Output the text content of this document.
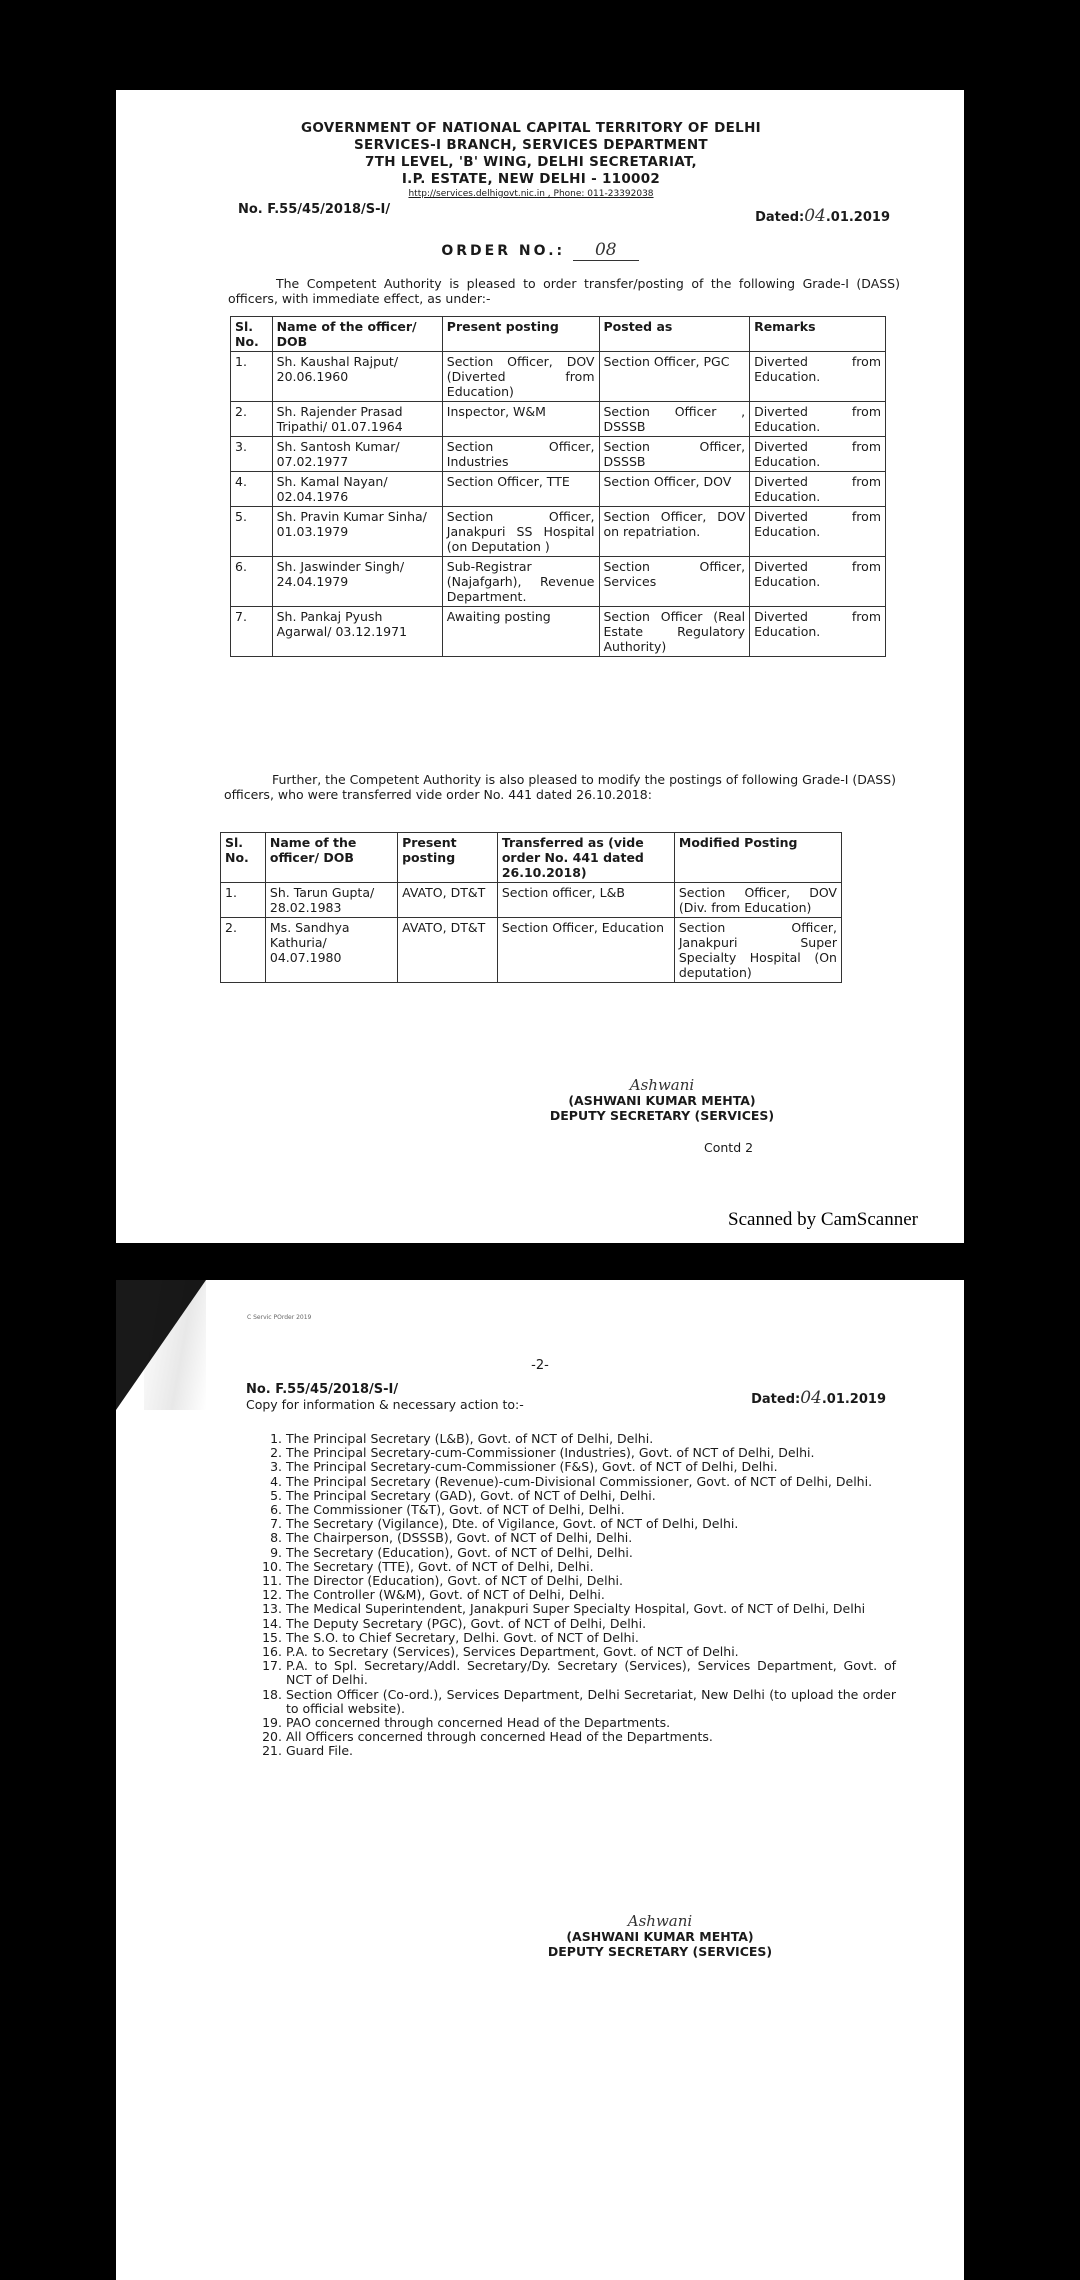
GOVERNMENT OF NATIONAL CAPITAL TERRITORY OF DELHI
SERVICES-I BRANCH, SERVICES DEPARTMENT
7TH LEVEL, 'B' WING, DELHI SECRETARIAT,
I.P. ESTATE, NEW DELHI - 110002
http://services.delhigovt.nic.in , Phone: 011-23392038
No. F.55/45/2018/S-I/
Dated:04.01.2019
ORDER NO.: 08

The Competent Authority is pleased to order transfer/posting of the following Grade-I (DASS) officers, with immediate effect, as under:-

Sl. No.	Name of the officer/ DOB	Present posting	Posted as	Remarks
1.	Sh. Kaushal Rajput/ 20.06.1960	Section Officer, DOV (Diverted from Education)	Section Officer, PGC	Diverted from Education.
2.	Sh. Rajender Prasad Tripathi/ 01.07.1964	Inspector, W&M	Section Officer , DSSSB	Diverted from Education.
3.	Sh. Santosh Kumar/ 07.02.1977	Section Officer, Industries	Section Officer, DSSSB	Diverted from Education.
4.	Sh. Kamal Nayan/ 02.04.1976	Section Officer, TTE	Section Officer, DOV	Diverted from Education.
5.	Sh. Pravin Kumar Sinha/ 01.03.1979	Section Officer, Janakpuri SS Hospital (on Deputation )	Section Officer, DOV on repatriation.	Diverted from Education.
6.	Sh. Jaswinder Singh/ 24.04.1979	Sub-Registrar (Najafgarh), Revenue Department.	Section Officer, Services	Diverted from Education.
7.	Sh. Pankaj Pyush Agarwal/ 03.12.1971	Awaiting posting	Section Officer (Real Estate Regulatory Authority)	Diverted from Education.

Further, the Competent Authority is also pleased to modify the postings of following Grade-I (DASS) officers, who were transferred vide order No. 441 dated 26.10.2018:

Sl. No.	Name of the officer/ DOB	Present posting	Transferred as (vide order No. 441 dated 26.10.2018)	Modified Posting
1.	Sh. Tarun Gupta/ 28.02.1983	AVATO, DT&T	Section officer, L&B	Section Officer, DOV (Div. from Education)
2.	Ms. Sandhya Kathuria/ 04.07.1980	AVATO, DT&T	Section Officer, Education	Section Officer, Janakpuri Super Specialty Hospital (On deputation)
Ashwani
(ASHWANI KUMAR MEHTA)
DEPUTY SECRETARY (SERVICES)
Contd 2
Scanned by CamScanner
C Servic POrder 2019
-2-
No. F.55/45/2018/S-I/
Copy for information & necessary action to:-	Dated:04.01.2019
1. The Principal Secretary (L&B), Govt. of NCT of Delhi, Delhi.
2. The Principal Secretary-cum-Commissioner (Industries), Govt. of NCT of Delhi, Delhi.
3. The Principal Secretary-cum-Commissioner (F&S), Govt. of NCT of Delhi, Delhi.
4. The Principal Secretary (Revenue)-cum-Divisional Commissioner, Govt. of NCT of Delhi, Delhi.
5. The Principal Secretary (GAD), Govt. of NCT of Delhi, Delhi.
6. The Commissioner (T&T), Govt. of NCT of Delhi, Delhi.
7. The Secretary (Vigilance), Dte. of Vigilance, Govt. of NCT of Delhi, Delhi.
8. The Chairperson, (DSSSB), Govt. of NCT of Delhi, Delhi.
9. The Secretary (Education), Govt. of NCT of Delhi, Delhi.
10. The Secretary (TTE), Govt. of NCT of Delhi, Delhi.
11. The Director (Education), Govt. of NCT of Delhi, Delhi.
12. The Controller (W&M), Govt. of NCT of Delhi, Delhi.
13. The Medical Superintendent, Janakpuri Super Specialty Hospital, Govt. of NCT of Delhi, Delhi
14. The Deputy Secretary (PGC), Govt. of NCT of Delhi, Delhi.
15. The S.O. to Chief Secretary, Delhi. Govt. of NCT of Delhi.
16. P.A. to Secretary (Services), Services Department, Govt. of NCT of Delhi.
17. P.A. to Spl. Secretary/Addl. Secretary/Dy. Secretary (Services), Services Department, Govt. of NCT of Delhi.
18. Section Officer (Co-ord.), Services Department, Delhi Secretariat, New Delhi (to upload the order to official website).
19. PAO concerned through concerned Head of the Departments.
20. All Officers concerned through concerned Head of the Departments.
21. Guard File.
Ashwani
(ASHWANI KUMAR MEHTA)
DEPUTY SECRETARY (SERVICES)
